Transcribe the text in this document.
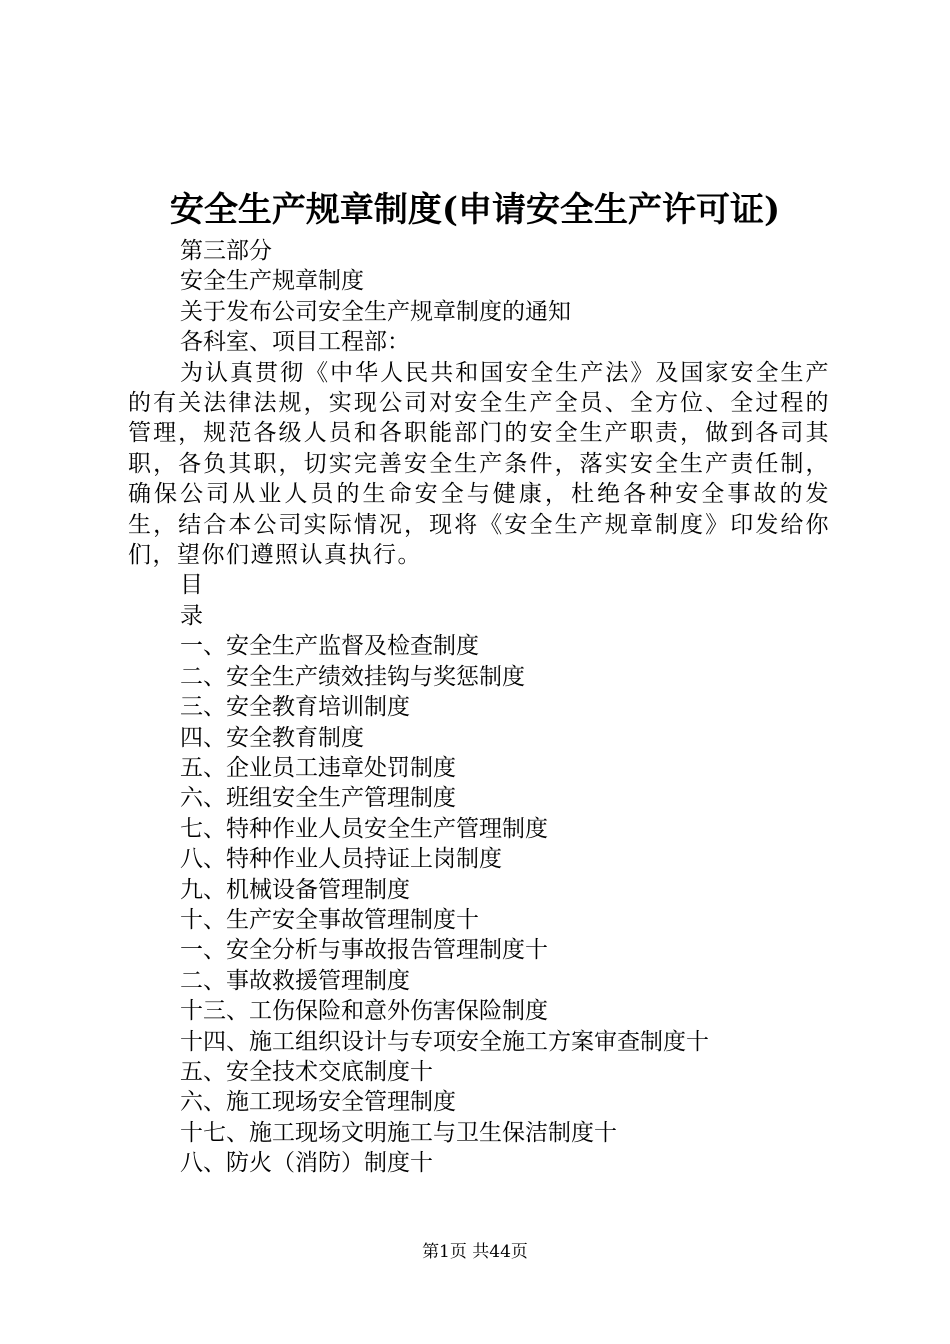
安全生产规章制度(申请安全生产许可证)
第三部分
安全生产规章制度
关于发布公司安全生产规章制度的通知
各科室、项目工程部：
为认真贯彻《中华人民共和国安全生产法》及国家安全生产的有关法律法规，实现公司对安全生产全员、全方位、全过程的管理，规范各级人员和各职能部门的安全生产职责，做到各司其职，各负其职，切实完善安全生产条件，落实安全生产责任制，确保公司从业人员的生命安全与健康，杜绝各种安全事故的发生，结合本公司实际情况，现将《安全生产规章制度》印发给你们，望你们遵照认真执行。
目
录
一、安全生产监督及检查制度
二、安全生产绩效挂钩与奖惩制度
三、安全教育培训制度
四、安全教育制度
五、企业员工违章处罚制度
六、班组安全生产管理制度
七、特种作业人员安全生产管理制度
八、特种作业人员持证上岗制度
九、机械设备管理制度
十、生产安全事故管理制度十
一、安全分析与事故报告管理制度十
二、事故救援管理制度
十三、工伤保险和意外伤害保险制度
十四、施工组织设计与专项安全施工方案审查制度十
五、安全技术交底制度十
六、施工现场安全管理制度
十七、施工现场文明施工与卫生保洁制度十
八、防火（消防）制度十
第1页 共44页
